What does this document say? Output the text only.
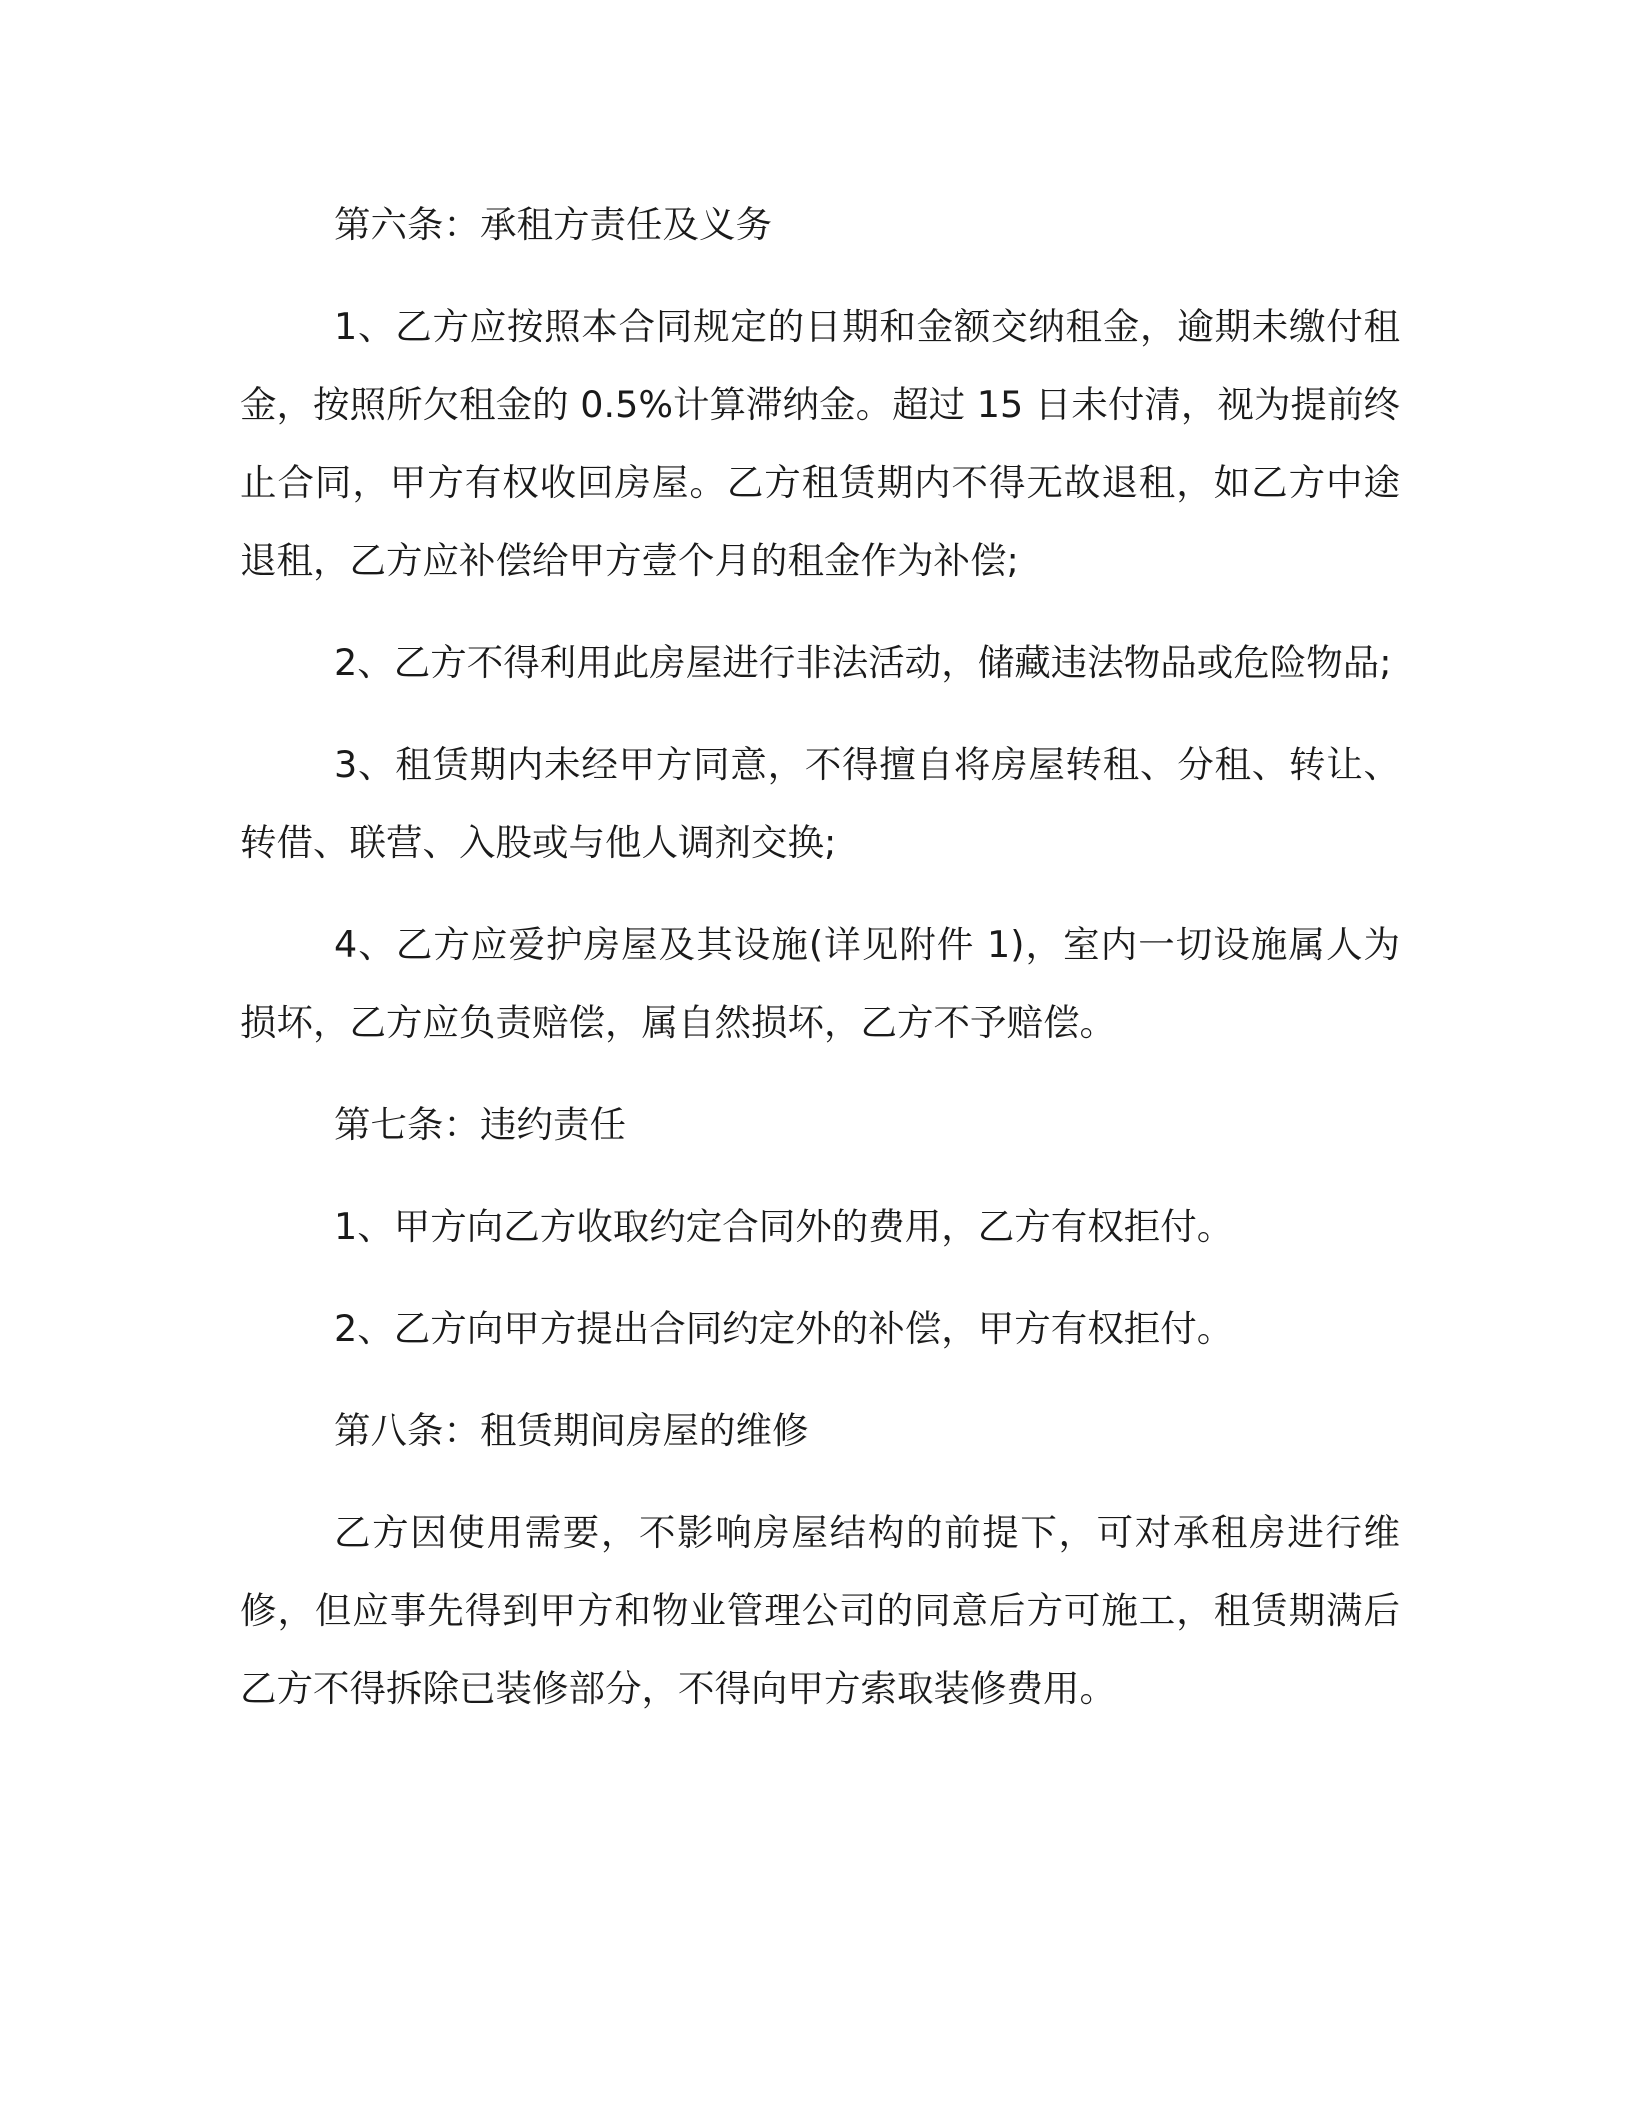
第六条：承租方责任及义务

1、乙方应按照本合同规定的日期和金额交纳租金，逾期未缴付租金，按照所欠租金的 0.5%计算滞纳金。超过 15 日未付清，视为提前终止合同，甲方有权收回房屋。乙方租赁期内不得无故退租，如乙方中途退租，乙方应补偿给甲方壹个月的租金作为补偿;

2、乙方不得利用此房屋进行非法活动，储藏违法物品或危险物品;

3、租赁期内未经甲方同意，不得擅自将房屋转租、分租、转让、转借、联营、入股或与他人调剂交换;

4、乙方应爱护房屋及其设施(详见附件 1)，室内一切设施属人为损坏，乙方应负责赔偿，属自然损坏，乙方不予赔偿。

第七条：违约责任

1、甲方向乙方收取约定合同外的费用，乙方有权拒付。

2、乙方向甲方提出合同约定外的补偿，甲方有权拒付。

第八条：租赁期间房屋的维修

乙方因使用需要，不影响房屋结构的前提下，可对承租房进行维修，但应事先得到甲方和物业管理公司的同意后方可施工，租赁期满后乙方不得拆除已装修部分，不得向甲方索取装修费用。
